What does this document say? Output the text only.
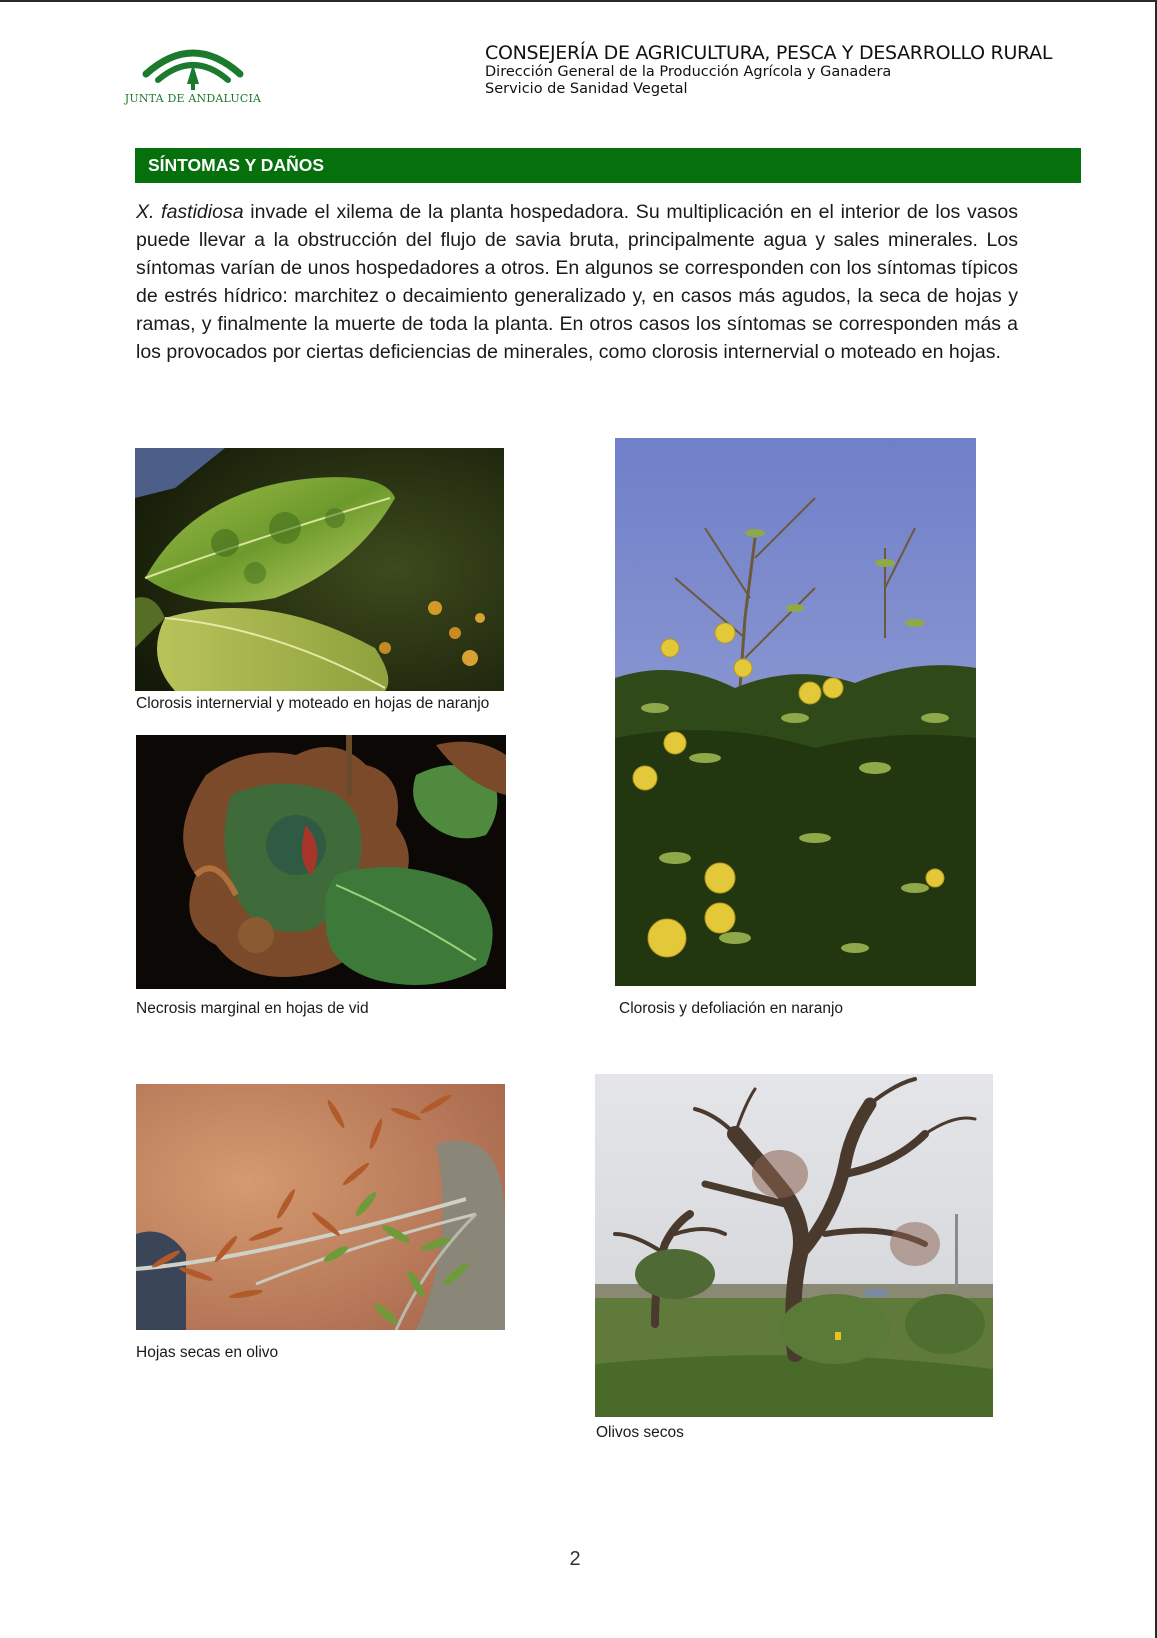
JUNTA DE ANDALUCIA
CONSEJERÍA DE AGRICULTURA, PESCA Y DESARROLLO RURAL
Dirección General de la Producción Agrícola y Ganadera
Servicio de Sanidad Vegetal
SÍNTOMAS Y DAÑOS
X. fastidiosa invade el xilema de la planta hospedadora. Su multiplicación en el interior de los vasos puede llevar a la obstrucción del flujo de savia bruta, principalmente agua y sales minerales. Los síntomas varían de unos hospedadores a otros. En algunos se corresponden con los síntomas típicos de estrés hídrico: marchitez o decaimiento generalizado y, en casos más agudos, la seca de hojas y ramas, y finalmente la muerte de toda la planta. En otros casos los síntomas se corresponden más a los provocados por ciertas deficiencias de minerales, como clorosis internervial o moteado en hojas.
Clorosis internervial y moteado en hojas de naranjo
Necrosis marginal en hojas de vid	Clorosis y defoliación en naranjo
Hojas secas en olivo
Olivos secos
2
